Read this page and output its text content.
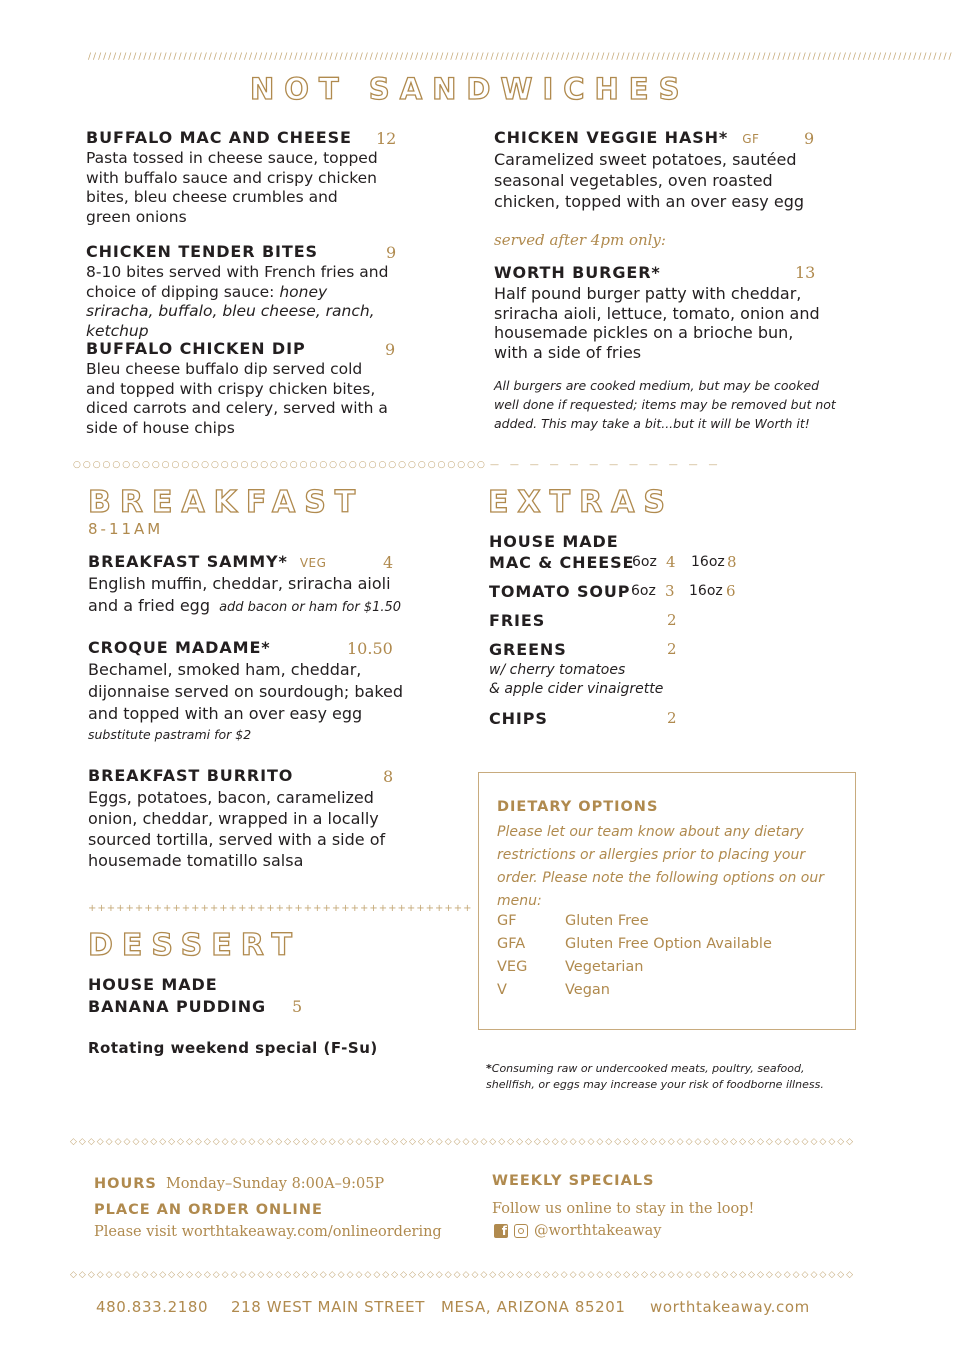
////////////////////////////////////////////////////////////////////////////////////////////////////////////////////////////////////////////////////////////////////////////
NOT SANDWICHES
BUFFALO MAC AND CHEESE
Pasta tossed in cheese sauce, topped with buffalo sauce and crispy chicken bites, bleu cheese crumbles and green onions
12
CHICKEN TENDER BITES
8-10 bites served with French fries and choice of dipping sauce: honey sriracha, buffalo, bleu cheese, ranch, ketchup
9
BUFFALO CHICKEN DIP
Bleu cheese buffalo dip served cold and topped with crispy chicken bites, diced carrots and celery, served with a side of house chips
9
CHICKEN VEGGIE HASH* GF
Caramelized sweet potatoes, sautéed seasonal vegetables, oven roasted chicken, topped with an over easy egg
9
served after 4pm only:
WORTH BURGER*
Half pound burger patty with cheddar, sriracha aioli, lettuce, tomato, onion and housemade pickles on a brioche bun, with a side of fries
13
All burgers are cooked medium, but may be cooked well done if requested; items may be removed but not added. This may take a bit...but it will be Worth it!
○○○○○○○○○○○○○○○○○○○○○○○○○○○○○○○○○○○○○○○○○○ — — — — — — — — — — — —
BREAKFAST
8-11AM
BREAKFAST SAMMY* VEG
English muffin, cheddar, sriracha aioli and a fried egg add bacon or ham for $1.50
4
CROQUE MADAME*
Bechamel, smoked ham, cheddar, dijonnaise served on sourdough; baked and topped with an over easy egg
substitute pastrami for $2
10.50
BREAKFAST BURRITO
Eggs, potatoes, bacon, caramelized onion, cheddar, wrapped in a locally sourced tortilla, served with a side of housemade tomatillo salsa
8
+++++++++++++++++++++++++++++++++++++++++
DESSERT
HOUSE MADE
BANANA PUDDING	5
Rotating weekend special (F-Su)
EXTRAS
HOUSE MADE
MAC & CHEESE
6oz 4 16oz 8
TOMATO SOUP 6oz 3 16oz 6
FRIES	2
GREENS	2
w/ cherry tomatoes
& apple cider vinaigrette
CHIPS	2
DIETARY OPTIONS
Please let our team know about any dietary restrictions or allergies prior to placing your order. Please note the following options on our menu:
GF	Gluten Free
GFA	Gluten Free Option Available
VEG	Vegetarian
V	Vegan
*Consuming raw or undercooked meats, poultry, seafood, shellfish, or eggs may increase your risk of foodborne illness.
◇◇◇◇◇◇◇◇◇◇◇◇◇◇◇◇◇◇◇◇◇◇◇◇◇◇◇◇◇◇◇◇◇◇◇◇◇◇◇◇◇◇◇◇◇◇◇◇◇◇◇◇◇◇◇◇◇◇◇◇◇◇◇◇◇◇◇◇◇◇◇◇◇◇◇◇◇◇◇◇◇◇◇◇◇◇◇◇
HOURS Monday–Sunday 8:00A–9:05P
PLACE AN ORDER ONLINE
Please visit worthtakeaway.com/onlineordering
WEEKLY SPECIALS
Follow us online to stay in the loop!
f @worthtakeaway
◇◇◇◇◇◇◇◇◇◇◇◇◇◇◇◇◇◇◇◇◇◇◇◇◇◇◇◇◇◇◇◇◇◇◇◇◇◇◇◇◇◇◇◇◇◇◇◇◇◇◇◇◇◇◇◇◇◇◇◇◇◇◇◇◇◇◇◇◇◇◇◇◇◇◇◇◇◇◇◇◇◇◇◇◇◇◇◇
480.833.2180 218 WEST MAIN STREET MESA, ARIZONA 85201 worthtakeaway.com
